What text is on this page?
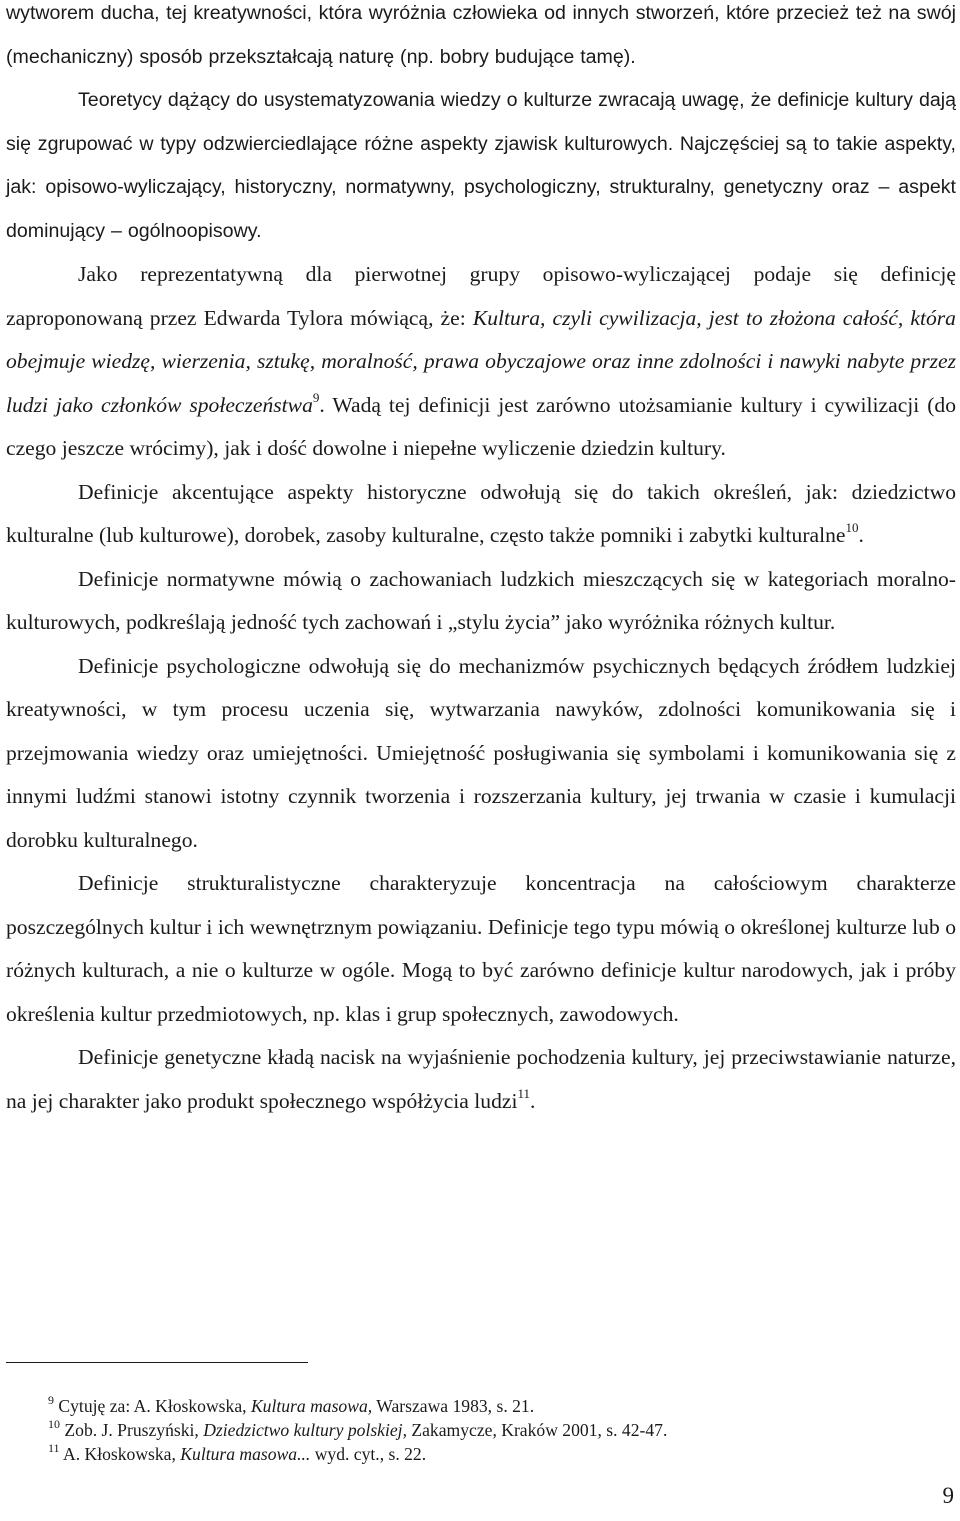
wytworem ducha, tej kreatywności, która wyróżnia człowieka od innych stworzeń, które przecież też na swój (mechaniczny) sposób przekształcają naturę (np. bobry budujące tamę).

Teoretycy dążący do usystematyzowania wiedzy o kulturze zwracają uwagę, że definicje kultury dają się zgrupować w typy odzwierciedlające różne aspekty zjawisk kulturowych. Najczęściej są to takie aspekty, jak: opisowo-wyliczający, historyczny, normatywny, psychologiczny, strukturalny, genetyczny oraz – aspekt dominujący – ogólnoopisowy.

Jako reprezentatywną dla pierwotnej grupy opisowo-wyliczającej podaje się definicję zaproponowaną przez Edwarda Tylora mówiącą, że: Kultura, czyli cywilizacja, jest to złożona całość, która obejmuje wiedzę, wierzenia, sztukę, moralność, prawa obyczajowe oraz inne zdolności i nawyki nabyte przez ludzi jako członków społeczeństwa$^9$. Wadą tej definicji jest zarówno utożsamianie kultury i cywilizacji (do czego jeszcze wrócimy), jak i dość dowolne i niepełne wyliczenie dziedzin kultury.

Definicje akcentujące aspekty historyczne odwołują się do takich określeń, jak: dziedzictwo kulturalne (lub kulturowe), dorobek, zasoby kulturalne, często także pomniki i zabytki kulturalne$^{10}$.

Definicje normatywne mówią o zachowaniach ludzkich mieszczących się w kategoriach moralno-kulturowych, podkreślają jedność tych zachowań i „stylu życia” jako wyróżnika różnych kultur.

Definicje psychologiczne odwołują się do mechanizmów psychicznych będących źródłem ludzkiej kreatywności, w tym procesu uczenia się, wytwarzania nawyków, zdolności komunikowania się i przejmowania wiedzy oraz umiejętności. Umiejętność posługiwania się symbolami i komunikowania się z innymi ludźmi stanowi istotny czynnik tworzenia i rozszerzania kultury, jej trwania w czasie i kumulacji dorobku kulturalnego.

Definicje strukturalistyczne charakteryzuje koncentracja na całościowym charakterze poszczególnych kultur i ich wewnętrznym powiązaniu. Definicje tego typu mówią o określonej kulturze lub o różnych kulturach, a nie o kulturze w ogóle. Mogą to być zarówno definicje kultur narodowych, jak i próby określenia kultur przedmiotowych, np. klas i grup społecznych, zawodowych.

Definicje genetyczne kładą nacisk na wyjaśnienie pochodzenia kultury, jej przeciwstawianie naturze, na jej charakter jako produkt społecznego współżycia ludzi$^{11}$.

$^9$ Cytuję za: A. Kłoskowska, Kultura masowa, Warszawa 1983, s. 21.
$^{10}$ Zob. J. Pruszyński, Dziedzictwo kultury polskiej, Zakamycze, Kraków 2001, s. 42-47.
$^{11}$ A. Kłoskowska, Kultura masowa... wyd. cyt., s. 22.
9
